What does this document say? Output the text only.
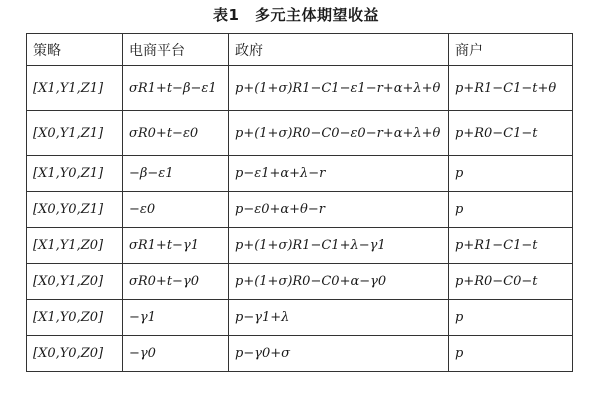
表1　多元主体期望收益
策略	电商平台	政府	商户
[X1,Y1,Z1]	σR1+t−β−ε1	p+(1+σ)R1−C1−ε1−r+α+λ+θ	p+R1−C1−t+θ
[X0,Y1,Z1]	σR0+t−ε0	p+(1+σ)R0−C0−ε0−r+α+λ+θ	p+R0−C1−t
[X1,Y0,Z1]	−β−ε1	p−ε1+α+λ−r	p
[X0,Y0,Z1]	−ε0	p−ε0+α+θ−r	p
[X1,Y1,Z0]	σR1+t−γ1	p+(1+σ)R1−C1+λ−γ1	p+R1−C1−t
[X0,Y1,Z0]	σR0+t−γ0	p+(1+σ)R0−C0+α−γ0	p+R0−C0−t
[X1,Y0,Z0]	−γ1	p−γ1+λ	p
[X0,Y0,Z0]	−γ0	p−γ0+σ	p
